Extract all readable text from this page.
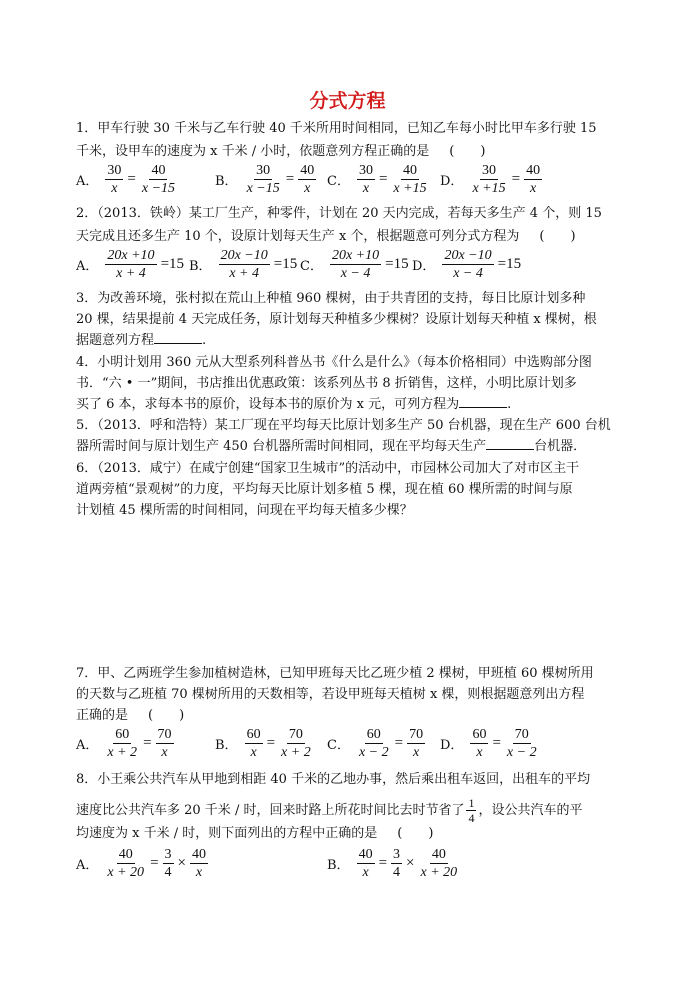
分式方程
1．甲车行驶 30 千米与乙车行驶 40 千米所用时间相同，已知乙车每小时比甲车多行驶 15
千米，设甲车的速度为 x 千米 / 小时，依题意列方程正确的是 (　　)
A． $\frac{30}{x} = \frac{40}{x -15}$	B． $\frac{30}{x -15} = \frac{40}{x}$ C． $\frac{30}{x} = \frac{40}{x +15}$ D． $\frac{30}{x +15} = \frac{40}{x}$
2．（2013．铁岭）某工厂生产，种零件，计划在 20 天内完成，若每天多生产 4 个，则 15
天完成且还多生产 10 个，设原计划每天生产 x 个，根据题意可列分式方程为 (　　)
A． $\frac{20x +10}{x + 4} =15$ B． $\frac{20x -10}{x + 4} =15$ C． $\frac{20x +10}{x - 4} =15$ D． $\frac{20x -10}{x - 4} =15$
3．为改善环境，张村拟在荒山上种植 960 棵树，由于共青团的支持，每日比原计划多种
20 棵，结果提前 4 天完成任务，原计划每天种植多少棵树？设原计划每天种植 x 棵树，根
据题意列方程	.
4．小明计划用 360 元从大型系列科普丛书《什么是什么》（每本价格相同）中选购部分图
书．“六 • 一”期间，书店推出优惠政策：该系列丛书 8 折销售，这样，小明比原计划多
买了 6 本，求每本书的原价，设每本书的原价为 x 元，可列方程为	.
5．（2013．呼和浩特）某工厂现在平均每天比原计划多生产 50 台机器，现在生产 600 台机
器所需时间与原计划生产 450 台机器所需时间相同，现在平均每天生产	台机器．
6．（2013．咸宁）在咸宁创建“国家卫生城市”的活动中，市园林公司加大了对市区主干
道两旁植“景观树”的力度，平均每天比原计划多植 5 棵，现在植 60 棵所需的时间与原
计划植 45 棵所需的时间相同，问现在平均每天植多少棵？
7．甲、乙两班学生参加植树造林，已知甲班每天比乙班少植 2 棵树，甲班植 60 棵树所用
的天数与乙班植 70 棵树所用的天数相等，若设甲班每天植树 x 棵，则根据题意列出方程
正确的是 (　　)
A． $\frac{60}{x + 2} = \frac{70}{x}$	B． $\frac{60}{x} = \frac{70}{x + 2}$ C． $\frac{60}{x - 2} = \frac{70}{x}$ D． $\frac{60}{x} = \frac{70}{x - 2}$
8．小王乘公共汽车从甲地到相距 40 千米的乙地办事，然后乘出租车返回，出租车的平均
速度比公共汽车多 20 千米 / 时，回来时路上所花时间比去时节省了 $\frac{1}{4}$ ，设公共汽车的平
均速度为 x 千米 / 时，则下面列出的方程中正确的是 (　　)
A． $\frac{40}{x + 20} = \frac{3}{4} \times \frac{40}{x}$	B． $\frac{40}{x} = \frac{3}{4} \times \frac{40}{x + 20}$
